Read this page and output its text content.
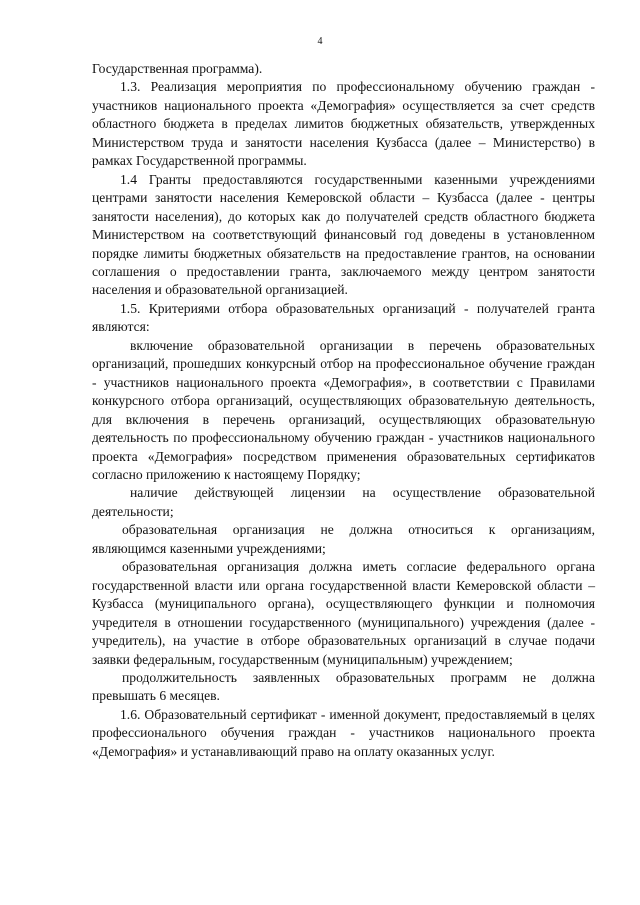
4

Государственная программа).

1.3. Реализация мероприятия по профессиональному обучению граждан - участников национального проекта «Демография» осуществляется за счет средств областного бюджета в пределах лимитов бюджетных обязательств, утвержденных Министерством труда и занятости населения Кузбасса (далее – Министерство) в рамках Государственной программы.

1.4 Гранты предоставляются государственными казенными учреждениями центрами занятости населения Кемеровской области – Кузбасса (далее - центры занятости населения), до которых как до получателей средств областного бюджета Министерством на соответствующий финансовый год доведены в установленном порядке лимиты бюджетных обязательств на предоставление грантов, на основании соглашения о предоставлении гранта, заключаемого между центром занятости населения и образовательной организацией.

1.5. Критериями отбора образовательных организаций - получателей гранта являются:

включение образовательной организации в перечень образовательных организаций, прошедших конкурсный отбор на профессиональное обучение граждан - участников национального проекта «Демография», в соответствии с Правилами конкурсного отбора организаций, осуществляющих образовательную деятельность, для включения в перечень организаций, осуществляющих образовательную деятельность по профессиональному обучению граждан - участников национального проекта «Демография» посредством применения образовательных сертификатов согласно приложению к настоящему Порядку;

наличие действующей лицензии на осуществление образовательной деятельности;

образовательная организация не должна относиться к организациям, являющимся казенными учреждениями;

образовательная организация должна иметь согласие федерального органа государственной власти или органа государственной власти Кемеровской области – Кузбасса (муниципального органа), осуществляющего функции и полномочия учредителя в отношении государственного (муниципального) учреждения (далее - учредитель), на участие в отборе образовательных организаций в случае подачи заявки федеральным, государственным (муниципальным) учреждением;

продолжительность заявленных образовательных программ не должна превышать 6 месяцев.

1.6. Образовательный сертификат - именной документ, предоставляемый в целях профессионального обучения граждан - участников национального проекта «Демография» и устанавливающий право на оплату оказанных услуг.
